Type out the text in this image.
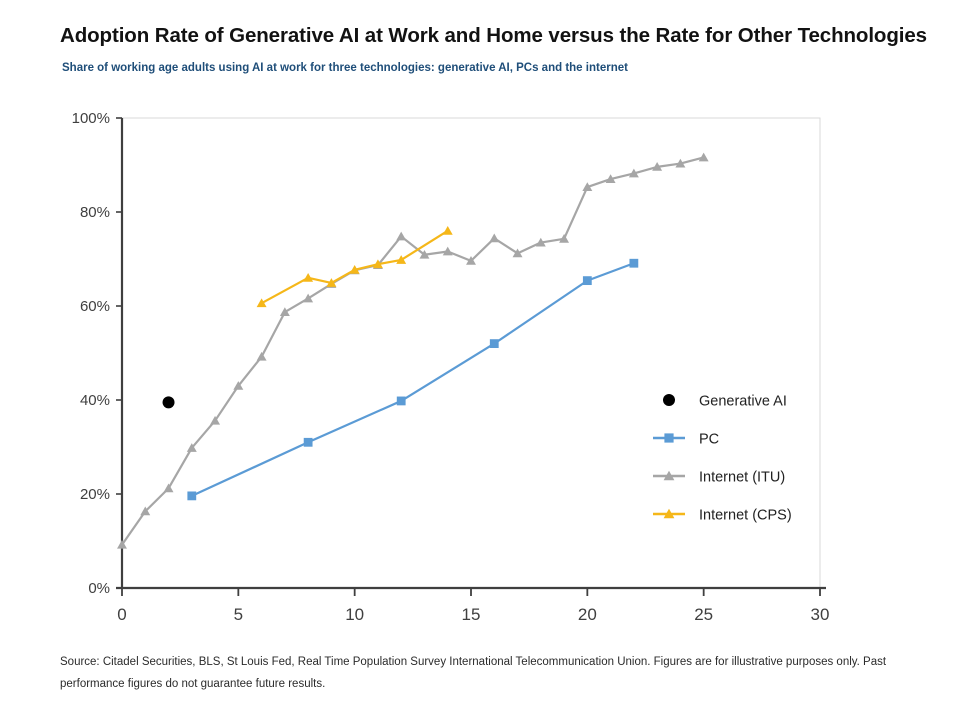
Adoption Rate of Generative AI at Work and Home versus the Rate for Other Technologies
Share of working age adults using AI at work for three technologies: generative AI, PCs and the internet
0%
20%
40%
60%
80%
100%
0	5	10	15	20	25	30
Generative AI
PC
Internet (ITU)
Internet (CPS)
Source: Citadel Securities, BLS, St Louis Fed, Real Time Population Survey International Telecommunication Union. Figures are for illustrative purposes only. Past
performance figures do not guarantee future results.
